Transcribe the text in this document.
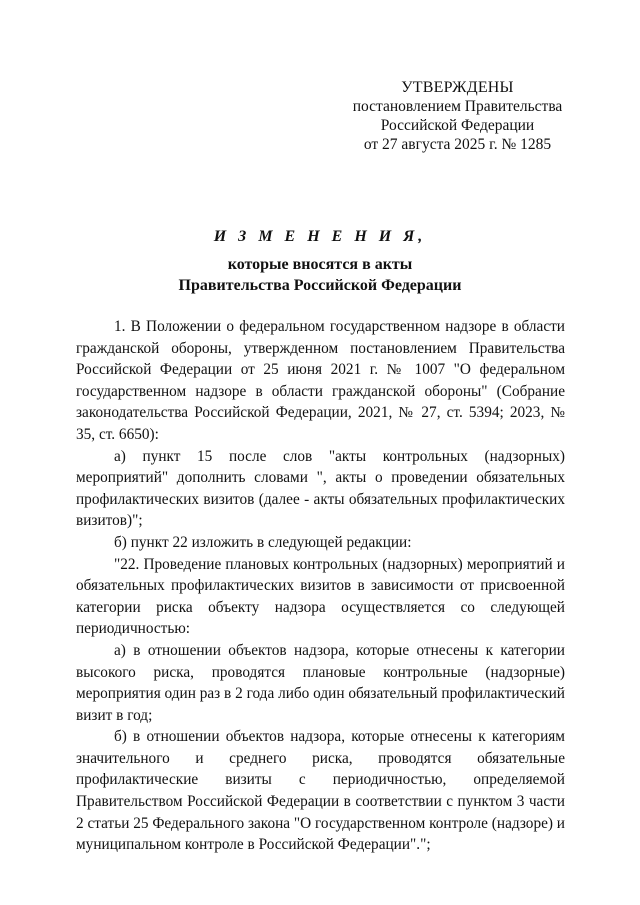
УТВЕРЖДЕНЫ
постановлением Правительства
Российской Федерации
от 27 августа 2025 г. № 1285
И З М Е Н Е Н И Я,
которые вносятся в акты
Правительства Российской Федерации

1. В Положении о федеральном государственном надзоре в области гражданской обороны, утвержденном постановлением Правительства Российской Федерации от 25 июня 2021 г. № 1007 "О федеральном государственном надзоре в области гражданской обороны" (Собрание законодательства Российской Федерации, 2021, № 27, ст. 5394; 2023, № 35, ст. 6650):

а) пункт 15 после слов "акты контрольных (надзорных) мероприятий" дополнить словами ", акты о проведении обязательных профилактических визитов (далее - акты обязательных профилактических визитов)";

б) пункт 22 изложить в следующей редакции:

"22. Проведение плановых контрольных (надзорных) мероприятий и обязательных профилактических визитов в зависимости от присвоенной категории риска объекту надзора осуществляется со следующей периодичностью:

а) в отношении объектов надзора, которые отнесены к категории высокого риска, проводятся плановые контрольные (надзорные) мероприятия один раз в 2 года либо один обязательный профилактический визит в год;

б) в отношении объектов надзора, которые отнесены к категориям значительного и среднего риска, проводятся обязательные профилактические визиты с периодичностью, определяемой Правительством Российской Федерации в соответствии с пунктом 3 части 2 статьи 25 Федерального закона "О государственном контроле (надзоре) и муниципальном контроле в Российской Федерации".";
